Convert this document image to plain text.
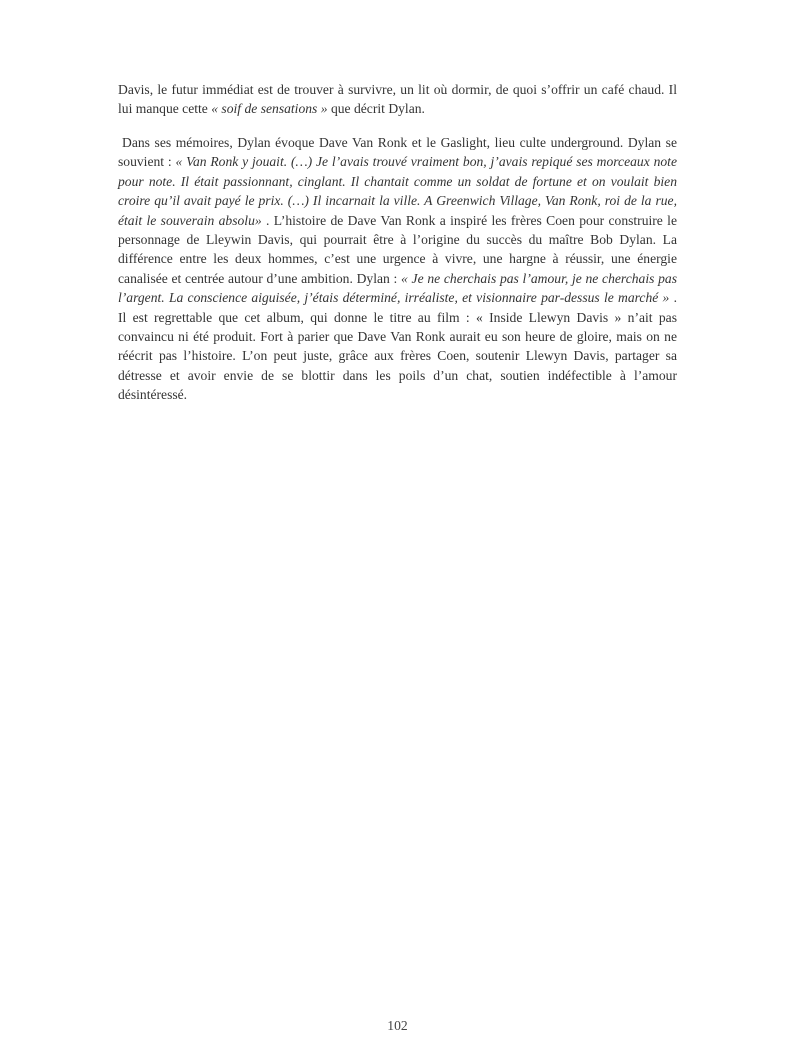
Davis, le futur immédiat est de trouver à survivre, un lit où dormir, de quoi s’offrir un café chaud. Il lui manque cette « soif de sensations » que décrit Dylan.

Dans ses mémoires, Dylan évoque Dave Van Ronk et le Gaslight, lieu culte underground. Dylan se souvient : « Van Ronk y jouait. (…) Je l’avais trouvé vraiment bon, j’avais repiqué ses morceaux note pour note. Il était passionnant, cinglant. Il chantait comme un soldat de fortune et on voulait bien croire qu’il avait payé le prix. (…) Il incarnait la ville. A Greenwich Village, Van Ronk, roi de la rue, était le souverain absolu» . L’histoire de Dave Van Ronk a inspiré les frères Coen pour construire le personnage de Lleywin Davis, qui pourrait être à l’origine du succès du maître Bob Dylan. La différence entre les deux hommes, c’est une urgence à vivre, une hargne à réussir, une énergie canalisée et centrée autour d’une ambition. Dylan : « Je ne cherchais pas l’amour, je ne cherchais pas l’argent. La conscience aiguisée, j’étais déterminé, irréaliste, et visionnaire par-dessus le marché » . Il est regrettable que cet album, qui donne le titre au film : « Inside Llewyn Davis » n’ait pas convaincu ni été produit. Fort à parier que Dave Van Ronk aurait eu son heure de gloire, mais on ne réécrit pas l’histoire. L’on peut juste, grâce aux frères Coen, soutenir Llewyn Davis, partager sa détresse et avoir envie de se blottir dans les poils d’un chat, soutien indéfectible à l’amour désintéressé.

102
